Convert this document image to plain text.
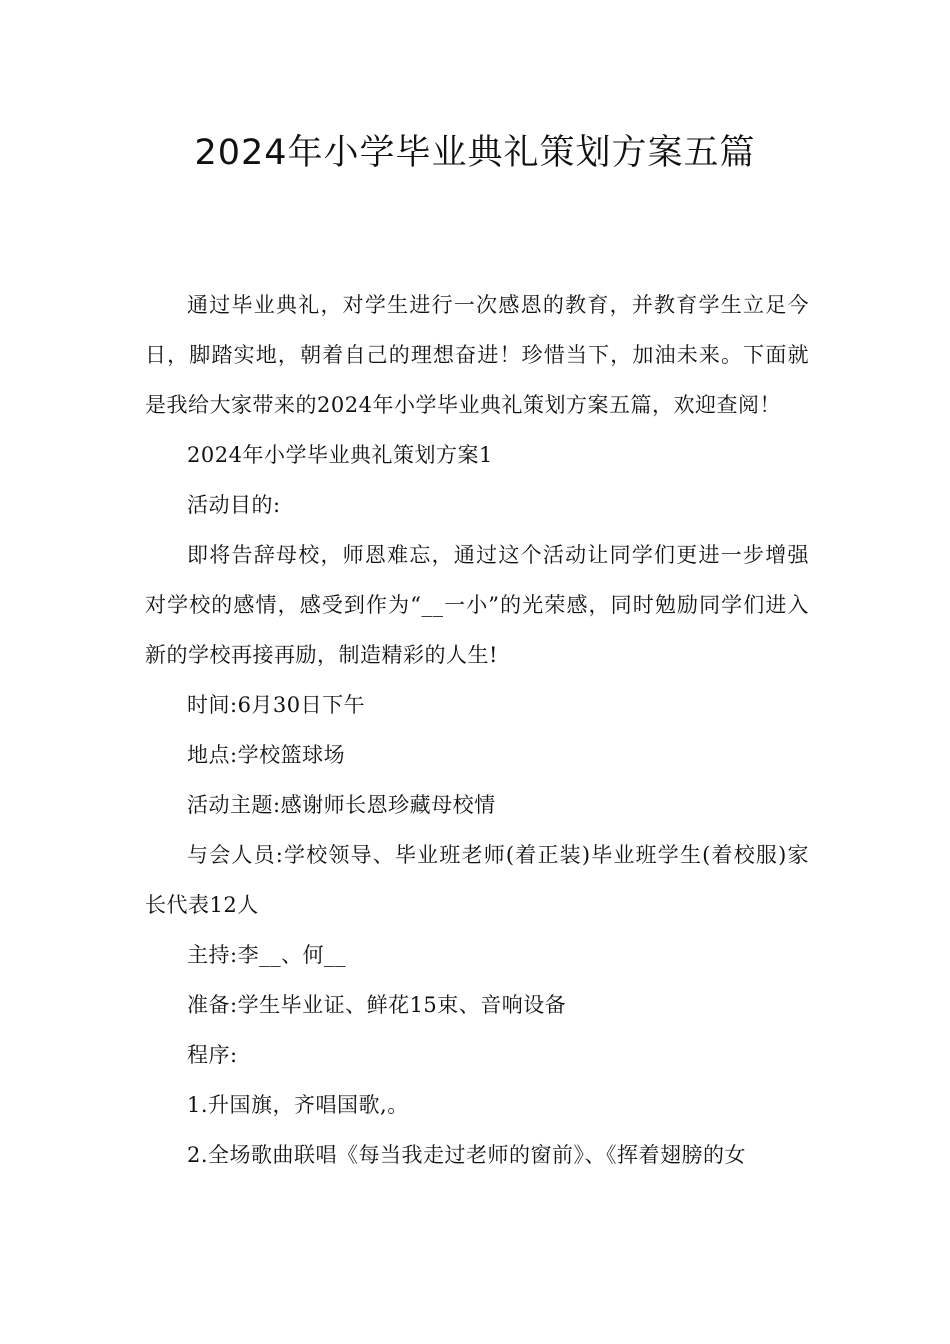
2024年小学毕业典礼策划方案五篇

通过毕业典礼，对学生进行一次感恩的教育，并教育学生立足今日，脚踏实地，朝着自己的理想奋进！珍惜当下，加油未来。下面就是我给大家带来的2024年小学毕业典礼策划方案五篇，欢迎查阅！

2024年小学毕业典礼策划方案1

活动目的:

即将告辞母校，师恩难忘，通过这个活动让同学们更进一步增强对学校的感情，感受到作为“__一小”的光荣感，同时勉励同学们进入新的学校再接再励，制造精彩的人生!

时间:6月30日下午

地点:学校篮球场

活动主题:感谢师长恩珍藏母校情

与会人员:学校领导、毕业班老师(着正装)毕业班学生(着校服)家长代表12人

主持:李__、何__

准备:学生毕业证、鲜花15束、音响设备

程序:

1.升国旗，齐唱国歌,。

2.全场歌曲联唱《每当我走过老师的窗前》、《挥着翅膀的女
